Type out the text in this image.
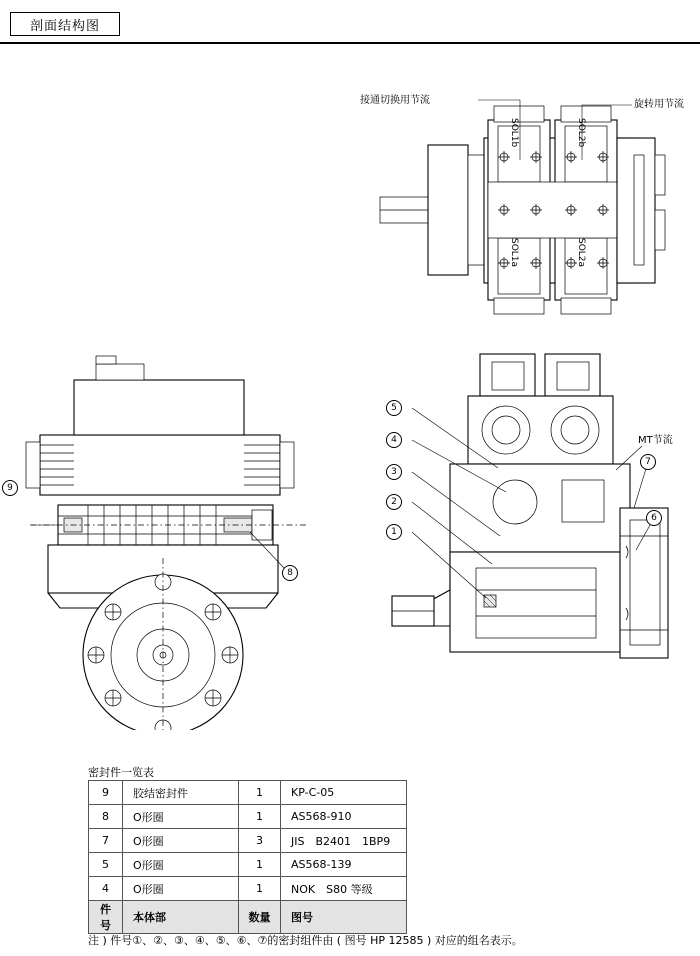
剖面结构图
接通切换用节流	旋转用节流
SOL1b	SOL2b
SOL1a	SOL2a
9
8
5
4
3
2
1
7
6
MT节流
密封件一览表
9	胶结密封件	1	KP-C-05
8	O形圈	1	AS568-910
7	O形圈	3	JIS　B2401　1BP9
5	O形圈	1	AS568-139
4	O形圈	1	NOK　S80 等级
件号	本体部	数量	图号
注 ) 件号①、②、③、④、⑤、⑥、⑦的密封组件由 ( 图号 HP 12585 ) 对应的组名表示。
